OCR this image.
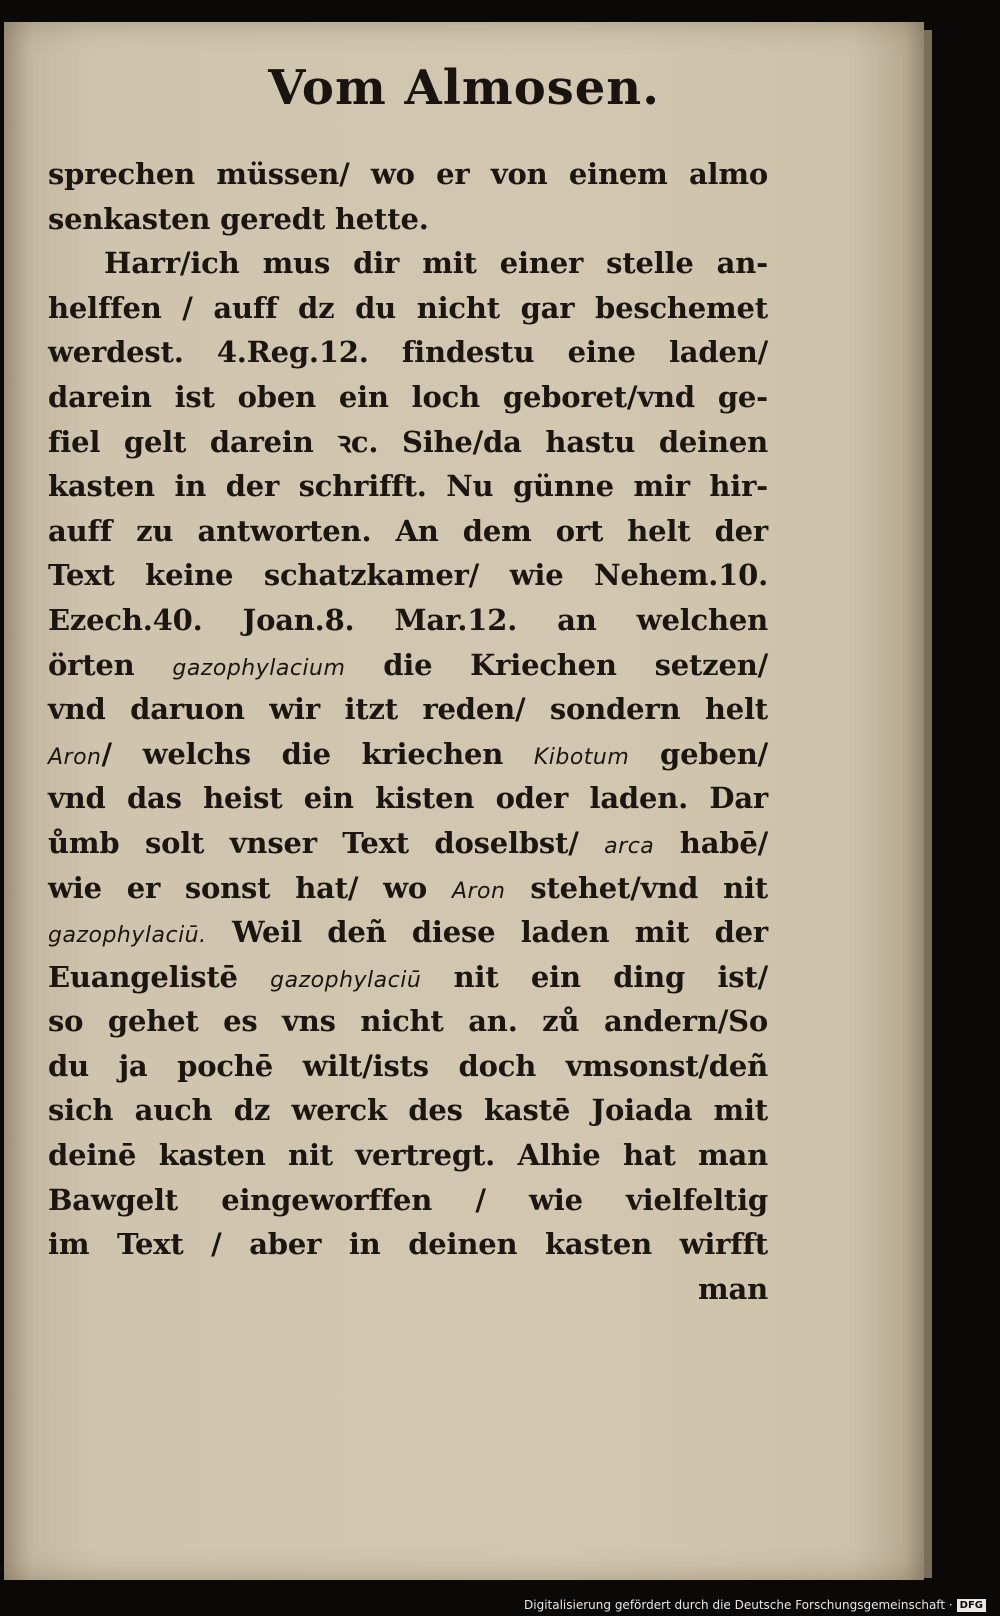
Vom Almosen.
sprechen müssen/ wo er von einem almo
senkasten geredt hette.
Harr/ich mus dir mit einer stelle an-
helffen / auff dz du nicht gar beschemet
werdest. 4.Reg.12. findestu eine laden/
darein ist oben ein loch geboret/vnd ge-
fiel gelt darein ꝛc. Sihe/da hastu deinen
kasten in der schrifft. Nu günne mir hir-
auff zu antworten. An dem ort helt der
Text keine schatzkamer/ wie Nehem.10.
Ezech.40. Joan.8. Mar.12. an welchen
örten gazophylacium die Kriechen setzen/
vnd daruon wir itzt reden/ sondern helt
Aron/ welchs die kriechen Kibotum geben/
vnd das heist ein kisten oder laden. Dar
ůmb solt vnser Text doselbst/ arca habē/
wie er sonst hat/ wo Aron stehet/vnd nit
gazophylaciū. Weil deñ diese laden mit der
Euangelistē gazophylaciū nit ein ding ist/
so gehet es vns nicht an. zů andern/So
du ja pochē wilt/ists doch vmsonst/deñ
sich auch dz werck des kastē Joiada mit
deinē kasten nit vertregt. Alhie hat man
Bawgelt eingeworffen / wie vielfeltig
im Text / aber in deinen kasten wirfft
man
Digitalisierung gefördert durch die Deutsche Forschungsgemeinschaft · DFG
